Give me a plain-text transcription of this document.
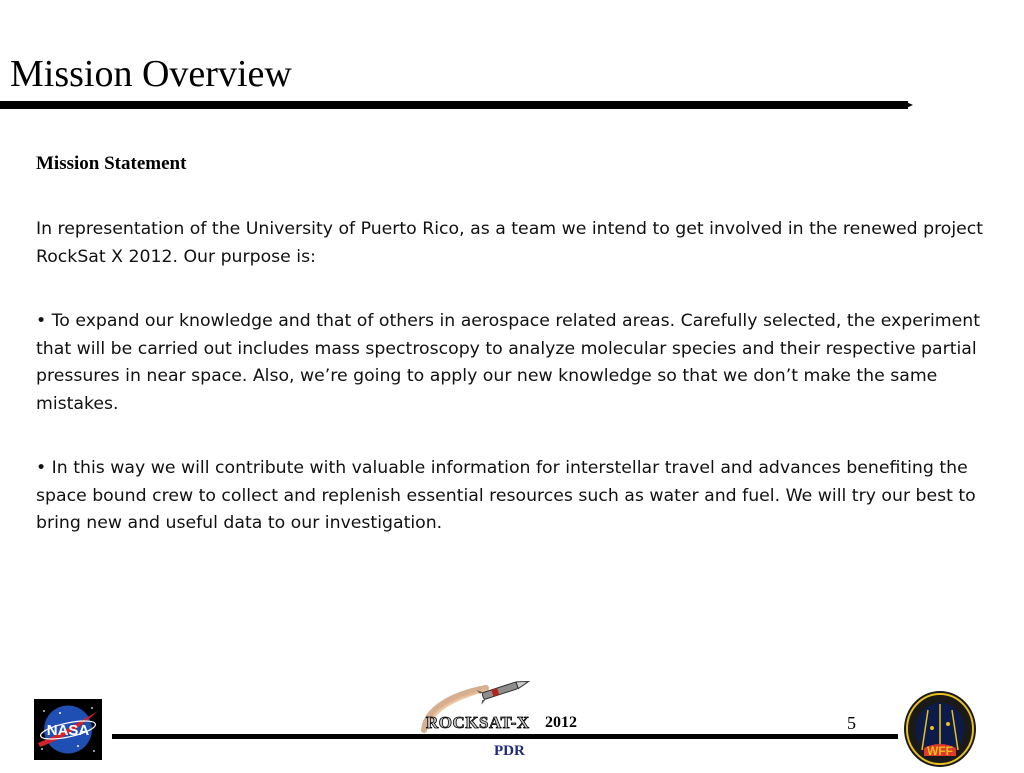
Mission Overview
Mission Statement

In representation of the University of Puerto Rico, as a team we intend to get involved in the renewed project RockSat X 2012. Our purpose is:

• To expand our knowledge and that of others in aerospace related areas. Carefully selected, the experiment that will be carried out includes mass spectroscopy to analyze molecular species and their respective partial pressures in near space. Also, we’re going to apply our new knowledge so that we don’t make the same mistakes.

• In this way we will contribute with valuable information for interstellar travel and advances benefiting the space bound crew to collect and replenish essential resources such as water and fuel. We will try our best to bring new and useful data to our investigation.

NASA	ROCKSAT-X 2012
PDR
5
WFF
